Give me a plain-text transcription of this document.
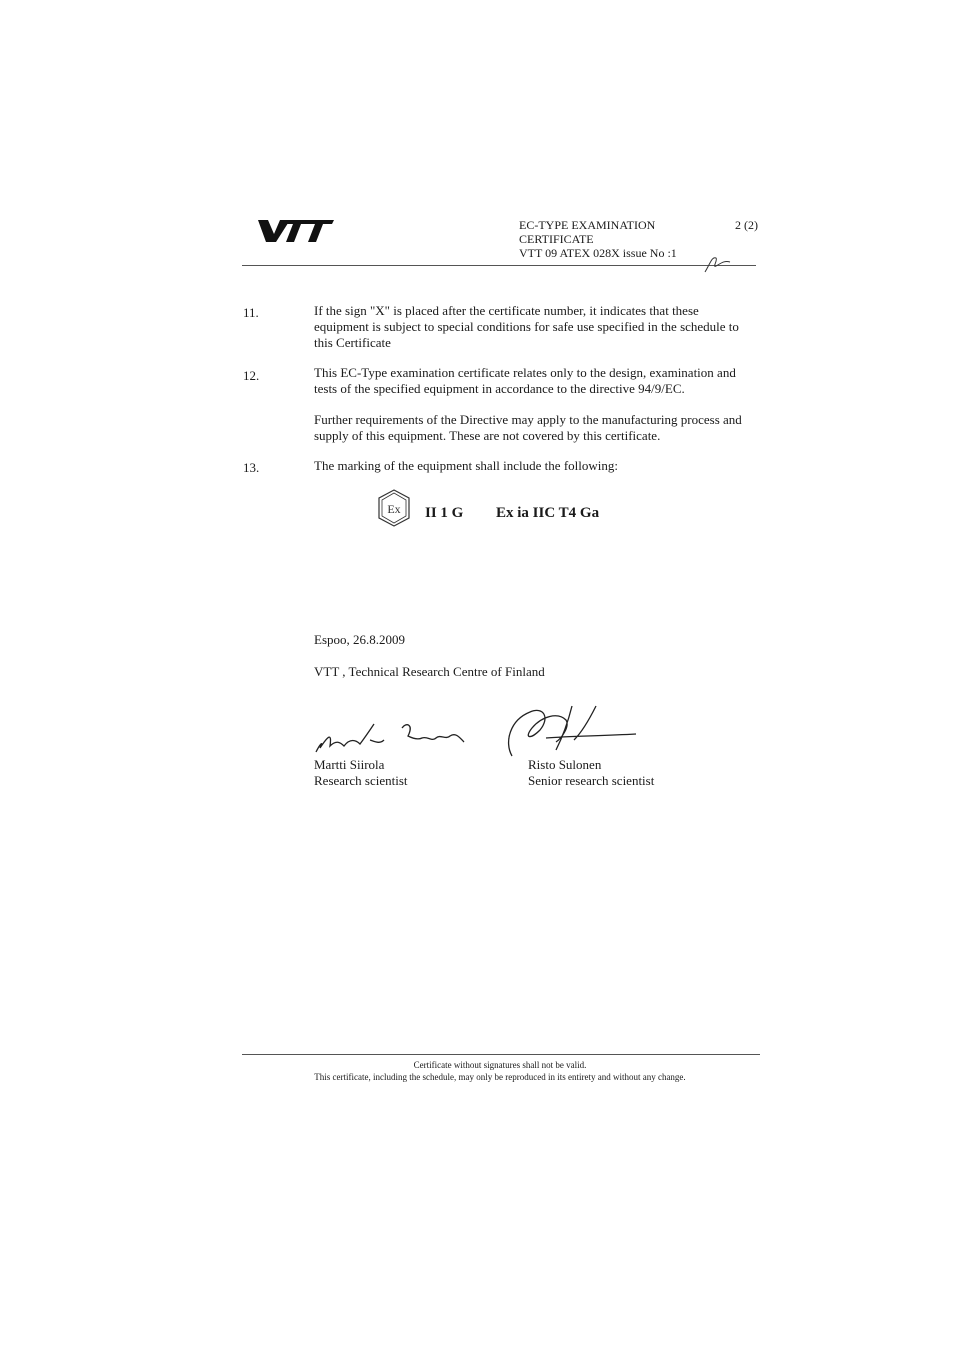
EC-TYPE EXAMINATION
CERTIFICATE
VTT 09 ATEX 028X issue No :1
2 (2)
11.	If the sign "X" is placed after the certificate number, it indicates that these equipment is subject to special conditions for safe use specified in the schedule to this Certificate
12.	This EC-Type examination certificate relates only to the design, examination and tests of the specified equipment in accordance to the directive 94/9/EC.
Further requirements of the Directive may apply to the manufacturing process and supply of this equipment. These are not covered by this certificate.
13.	The marking of the equipment shall include the following:
Ex II 1 G Ex ia IIC T4 Ga
Espoo, 26.8.2009
VTT , Technical Research Centre of Finland
Martti Siirola
Research scientist
Risto Sulonen
Senior research scientist
Certificate without signatures shall not be valid.
This certificate, including the schedule, may only be reproduced in its entirety and without any change.
